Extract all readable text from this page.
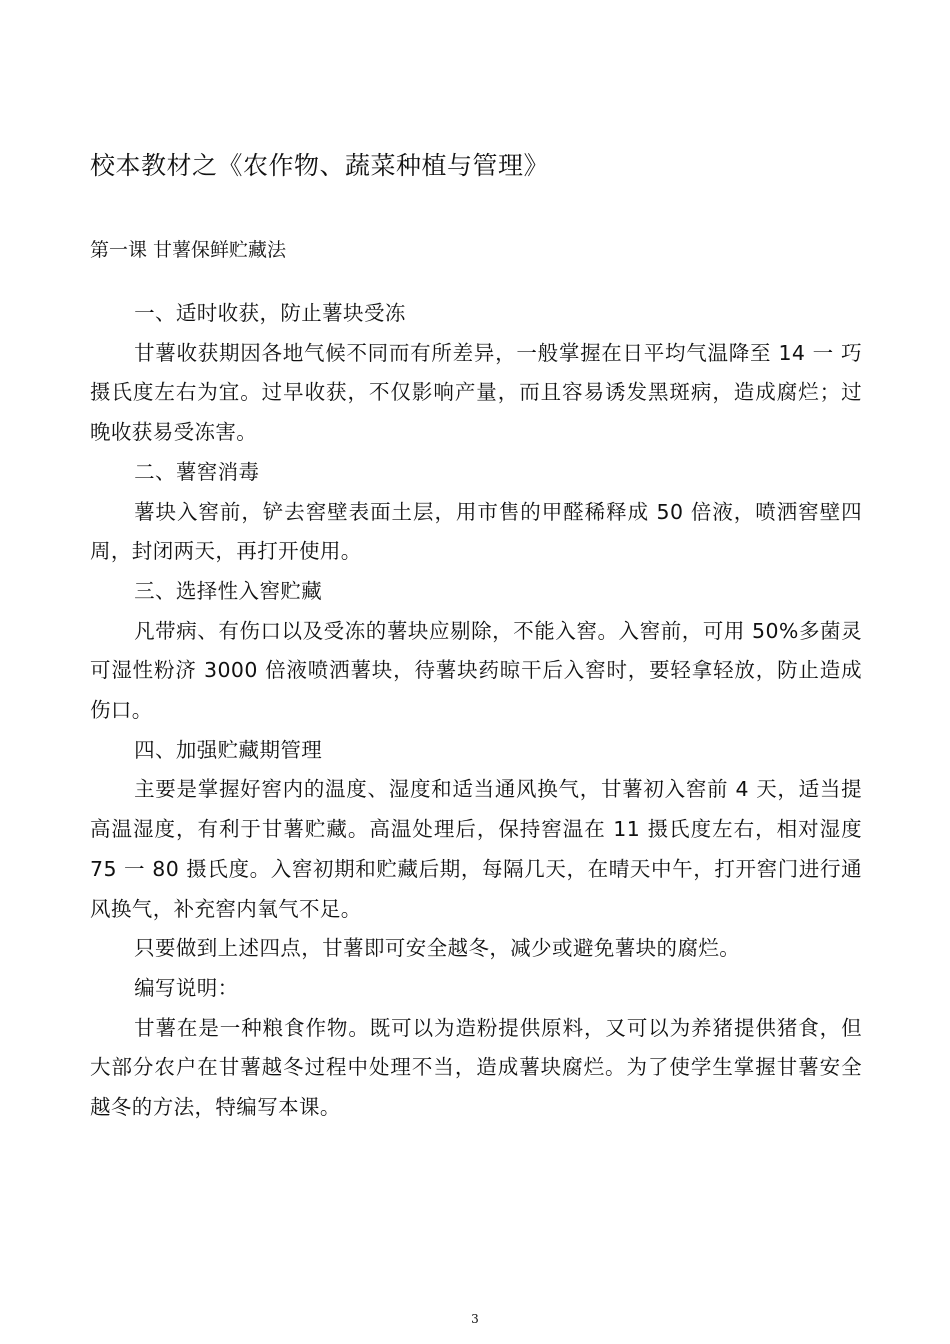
校本教材之《农作物、蔬菜种植与管理》
第一课 甘薯保鲜贮藏法

一、适时收获，防止薯块受冻

甘薯收获期因各地气候不同而有所差异，一般掌握在日平均气温降至 14 一 巧摄氏度左右为宜。过早收获，不仅影响产量，而且容易诱发黑斑病，造成腐烂；过晚收获易受冻害。

二、薯窖消毒

薯块入窖前，铲去窖壁表面土层，用市售的甲醛稀释成 50 倍液，喷洒窖壁四周，封闭两天，再打开使用。

三、选择性入窖贮藏

凡带病、有伤口以及受冻的薯块应剔除，不能入窖。入窖前，可用 50%多菌灵可湿性粉济 3000 倍液喷洒薯块，待薯块药晾干后入窖时，要轻拿轻放，防止造成伤口。

四、加强贮藏期管理

主要是掌握好窖内的温度、湿度和适当通风换气，甘薯初入窖前 4 天，适当提高温湿度，有利于甘薯贮藏。高温处理后，保持窖温在 11 摄氏度左右，相对湿度 75 一 80 摄氏度。入窖初期和贮藏后期，每隔几天，在晴天中午，打开窖门进行通风换气，补充窖内氧气不足。

只要做到上述四点，甘薯即可安全越冬，减少或避免薯块的腐烂。

编写说明：

甘薯在是一种粮食作物。既可以为造粉提供原料，又可以为养猪提供猪食，但大部分农户在甘薯越冬过程中处理不当，造成薯块腐烂。为了使学生掌握甘薯安全越冬的方法，特编写本课。

3
